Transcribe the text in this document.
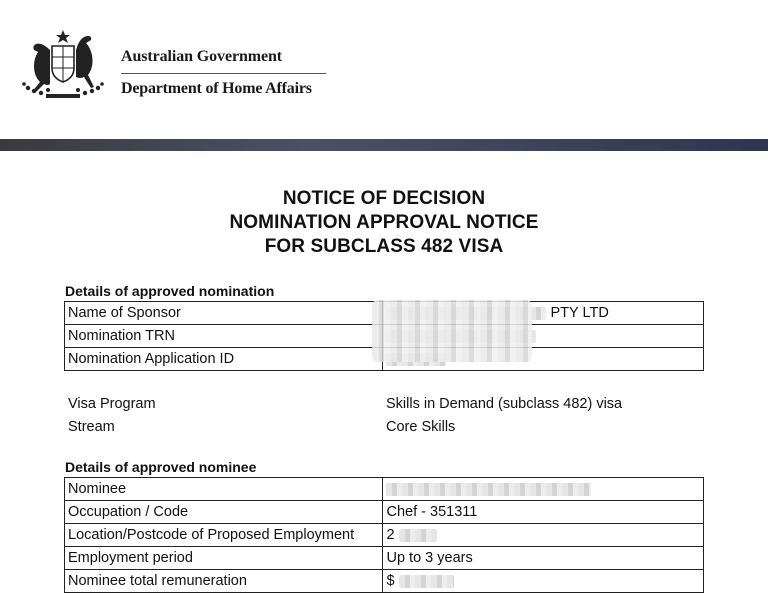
Australian Government
Department of Home Affairs
NOTICE OF DECISION
NOMINATION APPROVAL NOTICE
FOR SUBCLASS 482 VISA
Details of approved nomination
Name of Sponsor	PTY LTD
Nomination TRN	
Nomination Application ID	
Visa Program	Skills in Demand (subclass 482) visa
Stream	Core Skills
Details of approved nominee
Nominee	
Occupation / Code	Chef - 351311
Location/Postcode of Proposed Employment	2
Employment period	Up to 3 years
Nominee total remuneration	$
